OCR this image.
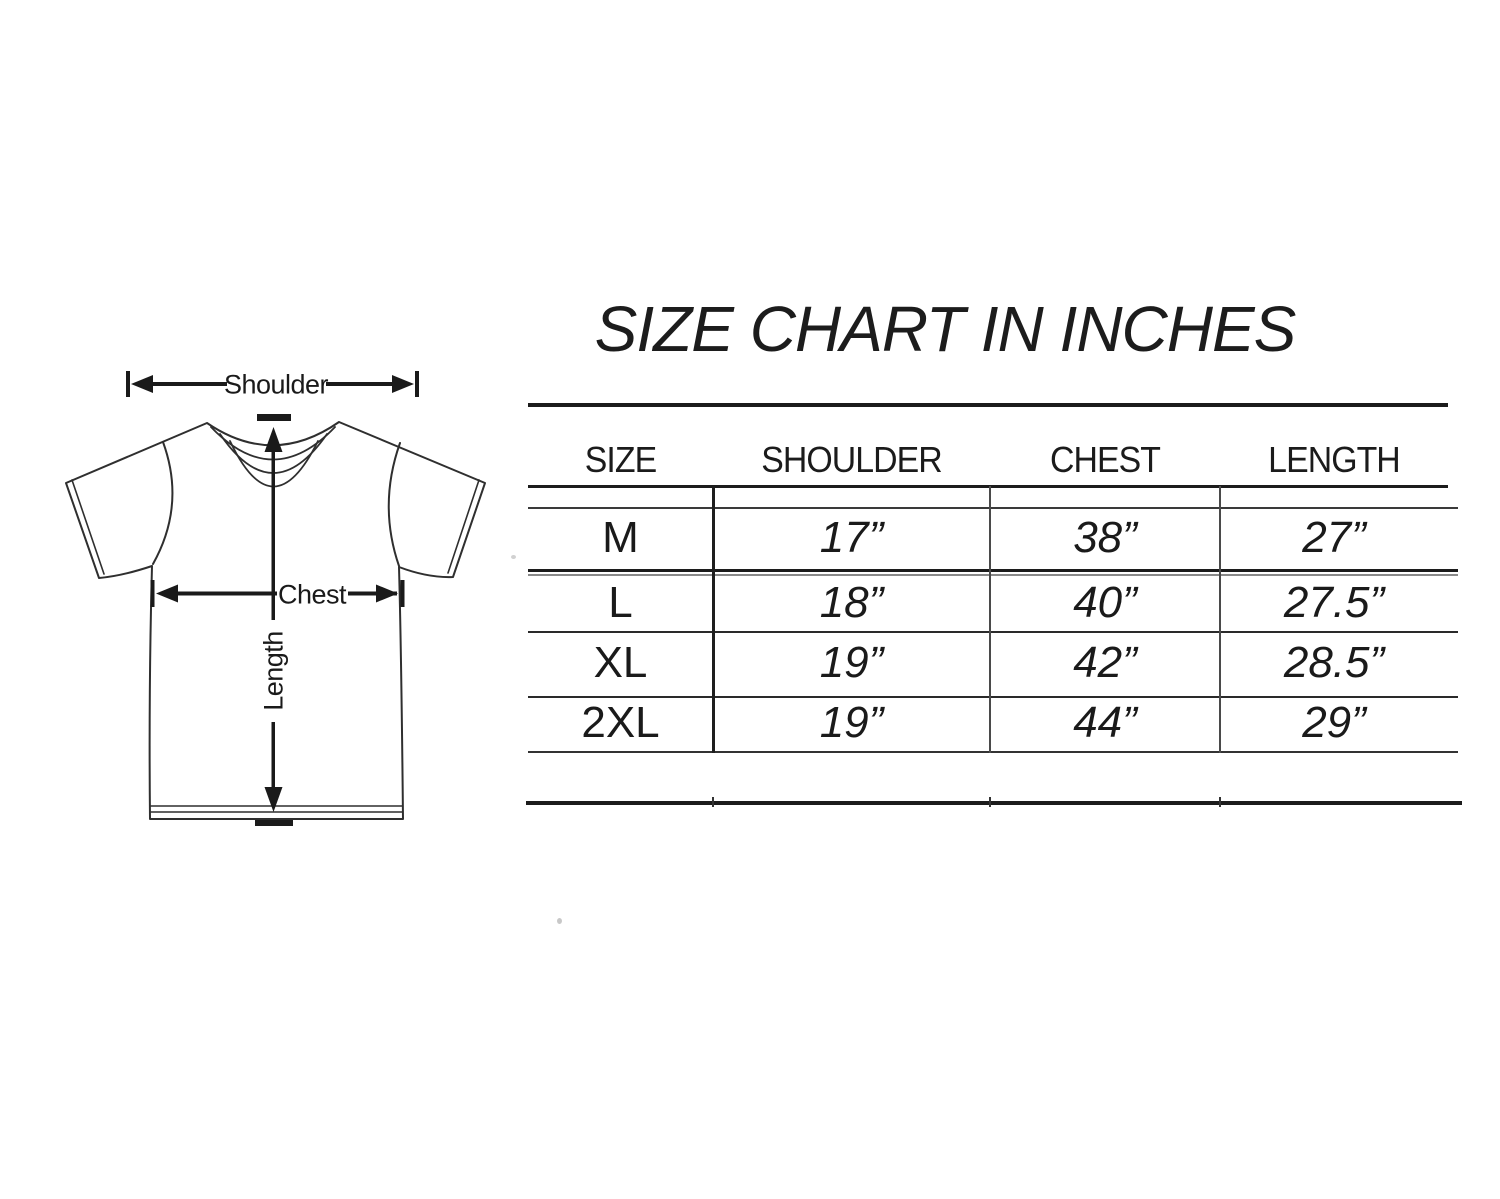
Shoulder
Length
Chest
SIZE CHART IN INCHES
SIZE	SHOULDER	CHEST	LENGTH
M	17”	38”	27”
L	18”	40”	27.5”
XL	19”	42”	28.5”
2XL	19”	44”	29”
